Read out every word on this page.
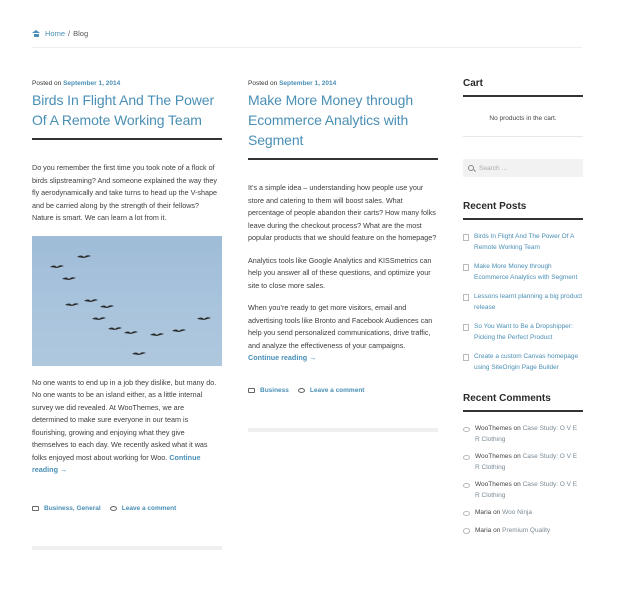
Home / Blog
Posted on September 1, 2014
Birds In Flight And The Power Of A Remote Working Team

Do you remember the first time you took note of a flock of birds slipstreaming? And someone explained the way they fly aerodynamically and take turns to head up the V-shape and be carried along by the strength of their fellows? Nature is smart. We can learn a lot from it.

No one wants to end up in a job they dislike, but many do. No one wants to be an island either, as a little internal survey we did revealed. At WooThemes, we are determined to make sure everyone in our team is flourishing, growing and enjoying what they give themselves to each day. We recently asked what it was folks enjoyed most about working for Woo. Continue reading →
Business, General	Leave a comment
Posted on September 1, 2014
Make More Money through Ecommerce Analytics with Segment

It’s a simple idea – understanding how people use your store and catering to them will boost sales. What percentage of people abandon their carts? How many folks leave during the checkout process? What are the most popular products that we should feature on the homepage?

Analytics tools like Google Analytics and KISSmetrics can help you answer all of these questions, and optimize your site to close more sales.

When you’re ready to get more visitors, email and advertising tools like Bronto and Facebook Audiences can help you send personalized communications, drive traffic, and analyze the effectiveness of your campaigns.

Continue reading →
Business	Leave a comment
Cart

No products in the cart.

Search …
Recent Posts
Birds In Flight And The Power Of A Remote Working Team
Make More Money through Ecommerce Analytics with Segment
Lessons learnt planning a big product release
So You Want to Be a Dropshipper: Picking the Perfect Product
Create a custom Canvas homepage using SiteOrigin Page Builder
Recent Comments
WooThemes on Case Study: O V E R Clothing
WooThemes on Case Study: O V E R Clothing
WooThemes on Case Study: O V E R Clothing
Maria on Woo Ninja
Maria on Premium Quality
